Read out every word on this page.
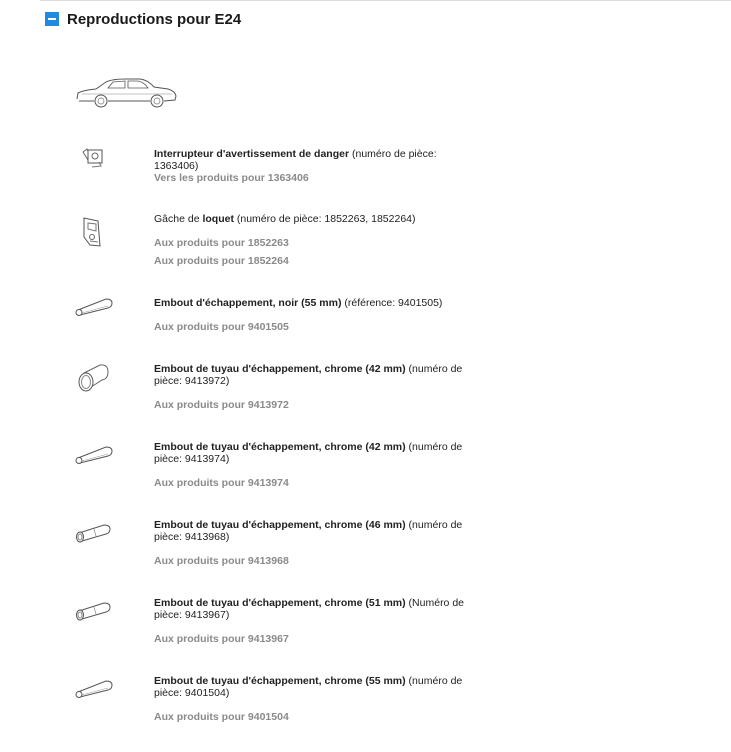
Reproductions pour E24
Interrupteur d'avertissement de danger (numéro de pièce: 1363406)
Vers les produits pour 1363406
Gâche de loquet (numéro de pièce: 1852263, 1852264)
Aux produits pour 1852263
Aux produits pour 1852264
Embout d'échappement, noir (55 mm) (référence: 9401505)
Aux produits pour 9401505
Embout de tuyau d'échappement, chrome (42 mm) (numéro de pièce: 9413972)
Aux produits pour 9413972
Embout de tuyau d'échappement, chrome (42 mm) (numéro de pièce: 9413974)
Aux produits pour 9413974
Embout de tuyau d'échappement, chrome (46 mm) (numéro de pièce: 9413968)
Aux produits pour 9413968
Embout de tuyau d'échappement, chrome (51 mm) (Numéro de pièce: 9413967)
Aux produits pour 9413967
Embout de tuyau d'échappement, chrome (55 mm) (numéro de pièce: 9401504)
Aux produits pour 9401504
